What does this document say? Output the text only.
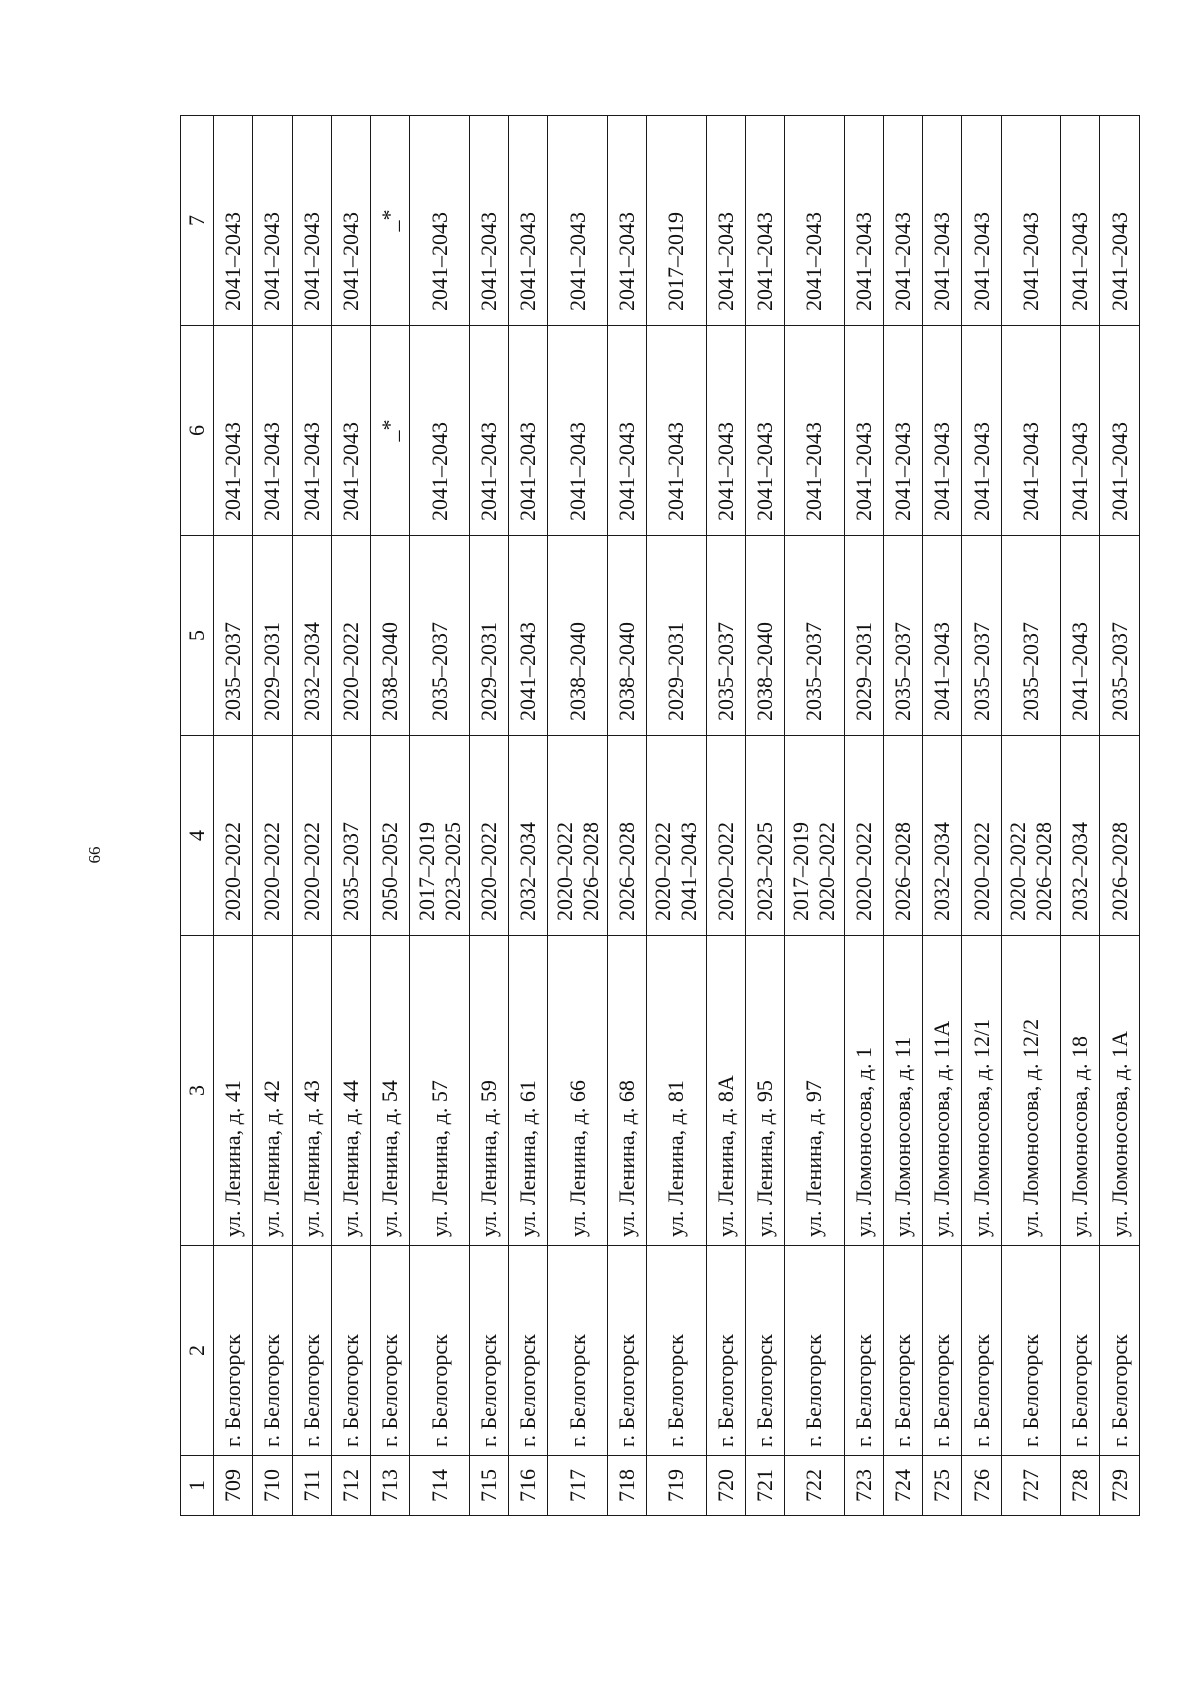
66
1	2	3	4	5	6	7
709	г. Белогорск	ул. Ленина, д. 41	2020–2022	2035–2037	2041–2043	2041–2043
710	г. Белогорск	ул. Ленина, д. 42	2020–2022	2029–2031	2041–2043	2041–2043
711	г. Белогорск	ул. Ленина, д. 43	2020–2022	2032–2034	2041–2043	2041–2043
712	г. Белогорск	ул. Ленина, д. 44	2035–2037	2020–2022	2041–2043	2041–2043
713	г. Белогорск	ул. Ленина, д. 54	2050–2052	2038–2040	_*	_*
714	г. Белогорск	ул. Ленина, д. 57	2017–2019 2023–2025	2035–2037	2041–2043	2041–2043
715	г. Белогорск	ул. Ленина, д. 59	2020–2022	2029–2031	2041–2043	2041–2043
716	г. Белогорск	ул. Ленина, д. 61	2032–2034	2041–2043	2041–2043	2041–2043
717	г. Белогорск	ул. Ленина, д. 66	2020–2022 2026–2028	2038–2040	2041–2043	2041–2043
718	г. Белогорск	ул. Ленина, д. 68	2026–2028	2038–2040	2041–2043	2041–2043
719	г. Белогорск	ул. Ленина, д. 81	2020–2022 2041–2043	2029–2031	2041–2043	2017–2019
720	г. Белогорск	ул. Ленина, д. 8А	2020–2022	2035–2037	2041–2043	2041–2043
721	г. Белогорск	ул. Ленина, д. 95	2023–2025	2038–2040	2041–2043	2041–2043
722	г. Белогорск	ул. Ленина, д. 97	2017–2019 2020–2022	2035–2037	2041–2043	2041–2043
723	г. Белогорск	ул. Ломоносова, д. 1	2020–2022	2029–2031	2041–2043	2041–2043
724	г. Белогорск	ул. Ломоносова, д. 11	2026–2028	2035–2037	2041–2043	2041–2043
725	г. Белогорск	ул. Ломоносова, д. 11А	2032–2034	2041–2043	2041–2043	2041–2043
726	г. Белогорск	ул. Ломоносова, д. 12/1	2020–2022	2035–2037	2041–2043	2041–2043
727	г. Белогорск	ул. Ломоносова, д. 12/2	2020–2022 2026–2028	2035–2037	2041–2043	2041–2043
728	г. Белогорск	ул. Ломоносова, д. 18	2032–2034	2041–2043	2041–2043	2041–2043
729	г. Белогорск	ул. Ломоносова, д. 1А	2026–2028	2035–2037	2041–2043	2041–2043
